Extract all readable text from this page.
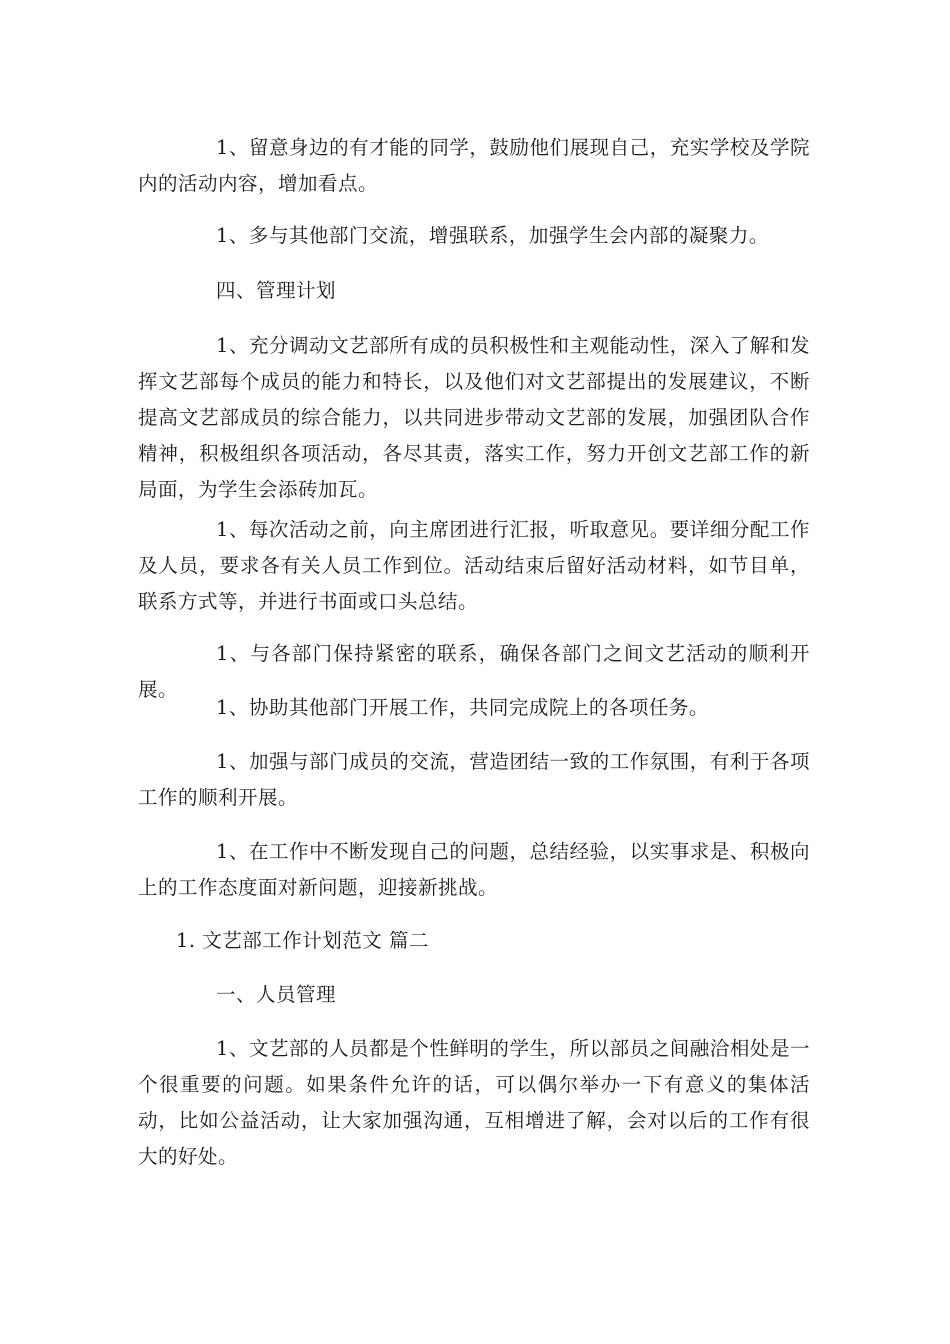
1、留意身边的有才能的同学，鼓励他们展现自己，充实学校及学院内的活动内容，增加看点。

1、多与其他部门交流，增强联系，加强学生会内部的凝聚力。

四、管理计划

1、充分调动文艺部所有成的员积极性和主观能动性，深入了解和发挥文艺部每个成员的能力和特长，以及他们对文艺部提出的发展建议，不断提高文艺部成员的综合能力，以共同进步带动文艺部的发展，加强团队合作精神，积极组织各项活动，各尽其责，落实工作，努力开创文艺部工作的新局面，为学生会添砖加瓦。

1、每次活动之前，向主席团进行汇报，听取意见。要详细分配工作及人员，要求各有关人员工作到位。活动结束后留好活动材料，如节目单，联系方式等，并进行书面或口头总结。

1、与各部门保持紧密的联系，确保各部门之间文艺活动的顺利开展。

1、协助其他部门开展工作，共同完成院上的各项任务。

1、加强与部门成员的交流，营造团结一致的工作氛围，有利于各项工作的顺利开展。

1、在工作中不断发现自己的问题，总结经验，以实事求是、积极向上的工作态度面对新问题，迎接新挑战。

1. 文艺部工作计划范文 篇二

一、人员管理

1、文艺部的人员都是个性鲜明的学生，所以部员之间融洽相处是一个很重要的问题。如果条件允许的话，可以偶尔举办一下有意义的集体活动，比如公益活动，让大家加强沟通，互相增进了解，会对以后的工作有很大的好处。
